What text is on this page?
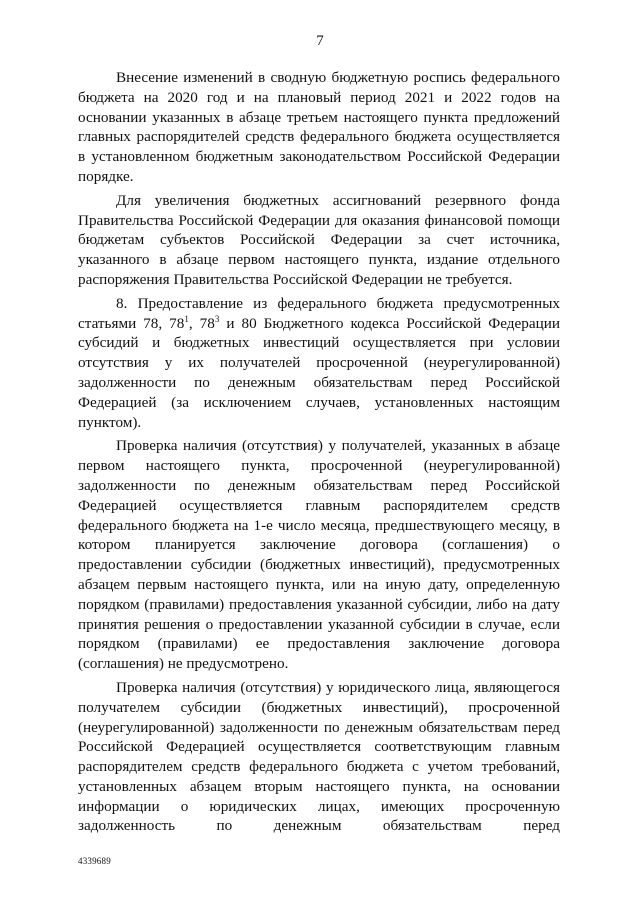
7

Внесение изменений в сводную бюджетную роспись федерального бюджета на 2020 год и на плановый период 2021 и 2022 годов на основании указанных в абзаце третьем настоящего пункта предложений главных распорядителей средств федерального бюджета осуществляется в установленном бюджетным законодательством Российской Федерации порядке.

Для увеличения бюджетных ассигнований резервного фонда Правительства Российской Федерации для оказания финансовой помощи бюджетам субъектов Российской Федерации за счет источника, указанного в абзаце первом настоящего пункта, издание отдельного распоряжения Правительства Российской Федерации не требуется.

8. Предоставление из федерального бюджета предусмотренных статьями 78, $78^1$, $78^3$ и 80 Бюджетного кодекса Российской Федерации субсидий и бюджетных инвестиций осуществляется при условии отсутствия у их получателей просроченной (неурегулированной) задолженности по денежным обязательствам перед Российской Федерацией (за исключением случаев, установленных настоящим пунктом).

Проверка наличия (отсутствия) у получателей, указанных в абзаце первом настоящего пункта, просроченной (неурегулированной) задолженности по денежным обязательствам перед Российской Федерацией осуществляется главным распорядителем средств федерального бюджета на 1-е число месяца, предшествующего месяцу, в котором планируется заключение договора (соглашения) о предоставлении субсидии (бюджетных инвестиций), предусмотренных абзацем первым настоящего пункта, или на иную дату, определенную порядком (правилами) предоставления указанной субсидии, либо на дату принятия решения о предоставлении указанной субсидии в случае, если порядком (правилами) ее предоставления заключение договора (соглашения) не предусмотрено.

Проверка наличия (отсутствия) у юридического лица, являющегося получателем субсидии (бюджетных инвестиций), просроченной (неурегулированной) задолженности по денежным обязательствам перед Российской Федерацией осуществляется соответствующим главным распорядителем средств федерального бюджета с учетом требований, установленных абзацем вторым настоящего пункта, на основании информации о юридических лицах, имеющих просроченную задолженность по денежным обязательствам перед

4339689
